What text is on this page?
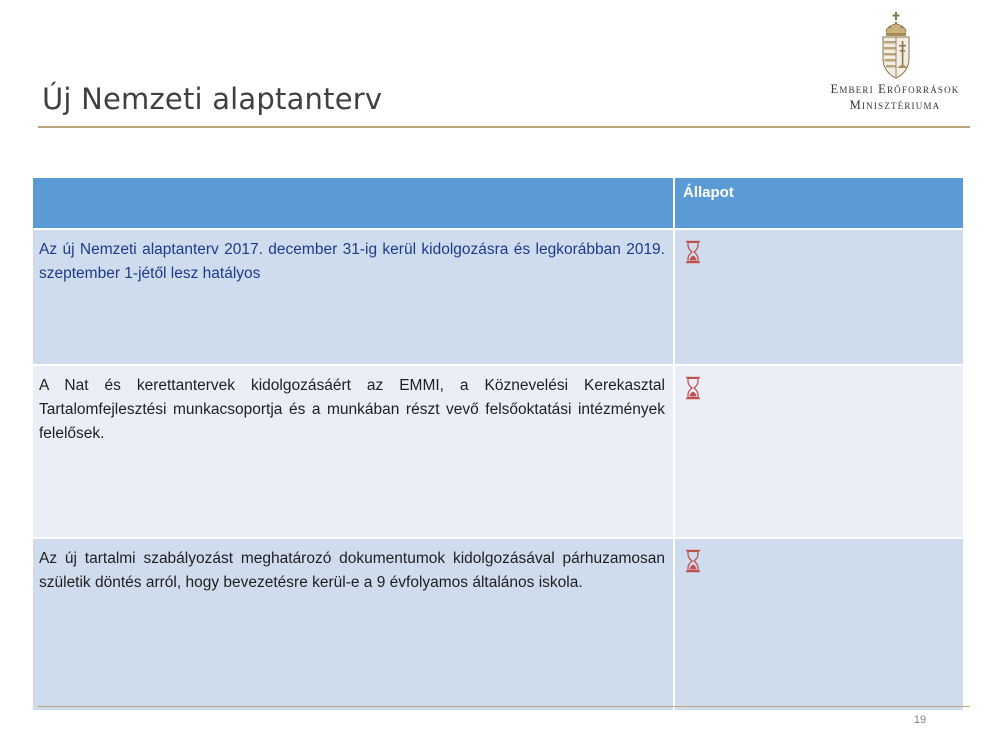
Új Nemzeti alaptanterv	Emberi Erőforrások
Minisztériuma
	Állapot
Az új Nemzeti alaptanterv 2017. december 31-ig kerül kidolgozásra és legkorábban 2019. szeptember 1-jétől lesz hatályos	

A Nat és kerettantervek kidolgozásáért az EMMI, a Köznevelési Kerekasztal Tartalomfejlesztési munkacsoportja és a munkában részt vevő felsőoktatási intézmények felelősek.	

Az új tartalmi szabályozást meghatározó dokumentumok kidolgozásával párhuzamosan születik döntés arról, hogy bevezetésre kerül-e a 9 évfolyamos általános iskola.	
19
